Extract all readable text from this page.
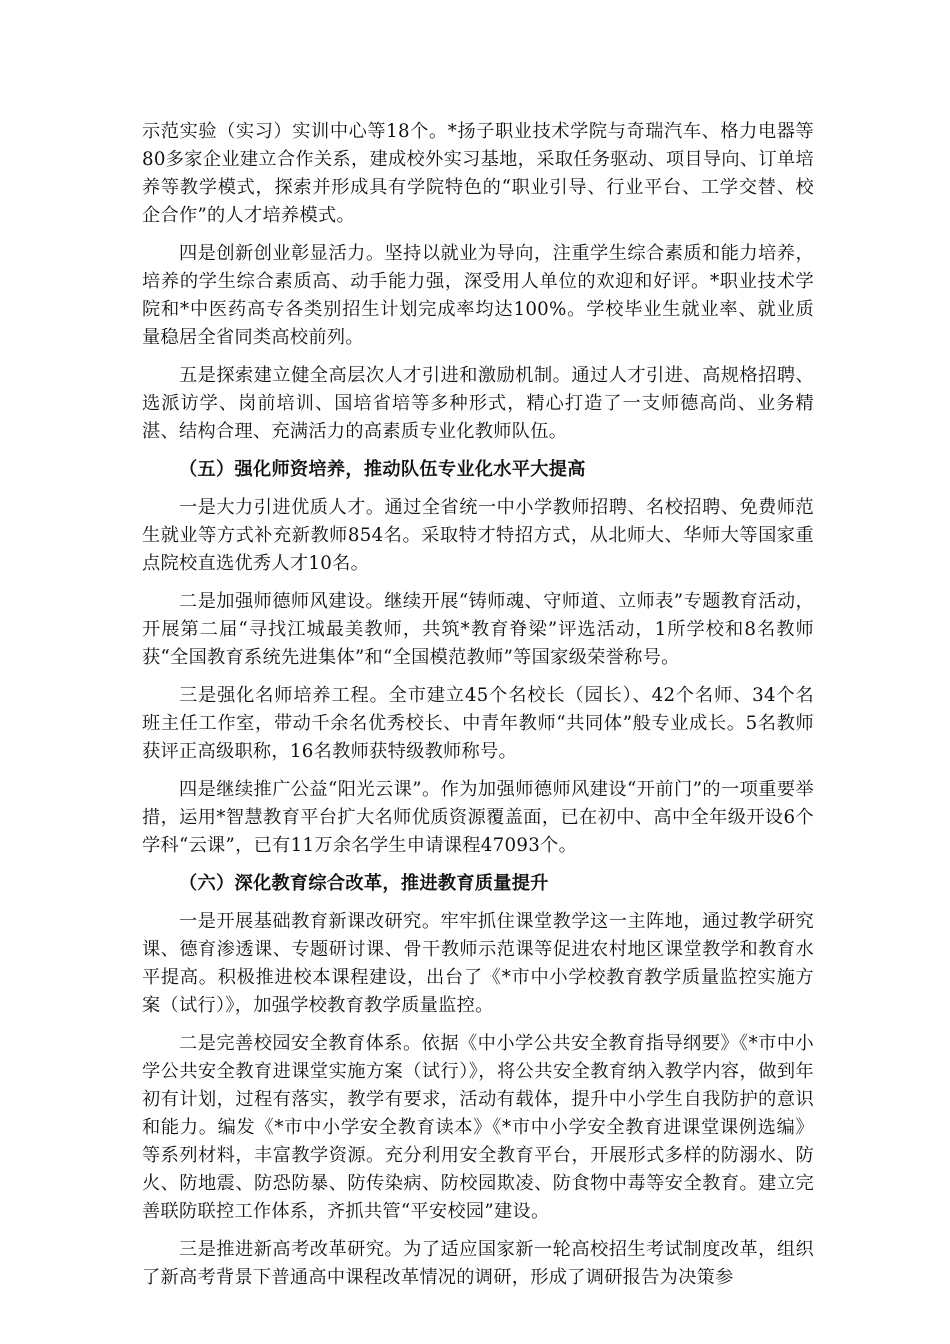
示范实验（实习）实训中心等18个。*扬子职业技术学院与奇瑞汽车、格力电器等80多家企业建立合作关系，建成校外实习基地，采取任务驱动、项目导向、订单培养等教学模式，探索并形成具有学院特色的“职业引导、行业平台、工学交替、校企合作”的人才培养模式。

四是创新创业彰显活力。坚持以就业为导向，注重学生综合素质和能力培养，培养的学生综合素质高、动手能力强，深受用人单位的欢迎和好评。*职业技术学院和*中医药高专各类别招生计划完成率均达100%。学校毕业生就业率、就业质量稳居全省同类高校前列。

五是探索建立健全高层次人才引进和激励机制。通过人才引进、高规格招聘、选派访学、岗前培训、国培省培等多种形式，精心打造了一支师德高尚、业务精湛、结构合理、充满活力的高素质专业化教师队伍。

（五）强化师资培养，推动队伍专业化水平大提高

一是大力引进优质人才。通过全省统一中小学教师招聘、名校招聘、免费师范生就业等方式补充新教师854名。采取特才特招方式，从北师大、华师大等国家重点院校直选优秀人才10名。

二是加强师德师风建设。继续开展“铸师魂、守师道、立师表”专题教育活动，开展第二届“寻找江城最美教师，共筑*教育脊梁”评选活动，1所学校和8名教师获“全国教育系统先进集体”和“全国模范教师”等国家级荣誉称号。

三是强化名师培养工程。全市建立45个名校长（园长）、42个名师、34个名班主任工作室，带动千余名优秀校长、中青年教师“共同体”般专业成长。5名教师获评正高级职称，16名教师获特级教师称号。

四是继续推广公益“阳光云课”。作为加强师德师风建设“开前门”的一项重要举措，运用*智慧教育平台扩大名师优质资源覆盖面，已在初中、高中全年级开设6个学科“云课”，已有11万余名学生申请课程47093个。

（六）深化教育综合改革，推进教育质量提升

一是开展基础教育新课改研究。牢牢抓住课堂教学这一主阵地，通过教学研究课、德育渗透课、专题研讨课、骨干教师示范课等促进农村地区课堂教学和教育水平提高。积极推进校本课程建设，出台了《*市中小学校教育教学质量监控实施方案（试行）》，加强学校教育教学质量监控。

二是完善校园安全教育体系。依据《中小学公共安全教育指导纲要》《*市中小学公共安全教育进课堂实施方案（试行）》，将公共安全教育纳入教学内容，做到年初有计划，过程有落实，教学有要求，活动有载体，提升中小学生自我防护的意识和能力。编发《*市中小学安全教育读本》《*市中小学安全教育进课堂课例选编》等系列材料，丰富教学资源。充分利用安全教育平台，开展形式多样的防溺水、防火、防地震、防恐防暴、防传染病、防校园欺凌、防食物中毒等安全教育。建立完善联防联控工作体系，齐抓共管“平安校园”建设。

三是推进新高考改革研究。为了适应国家新一轮高校招生考试制度改革，组织了新高考背景下普通高中课程改革情况的调研，形成了调研报告为决策参
